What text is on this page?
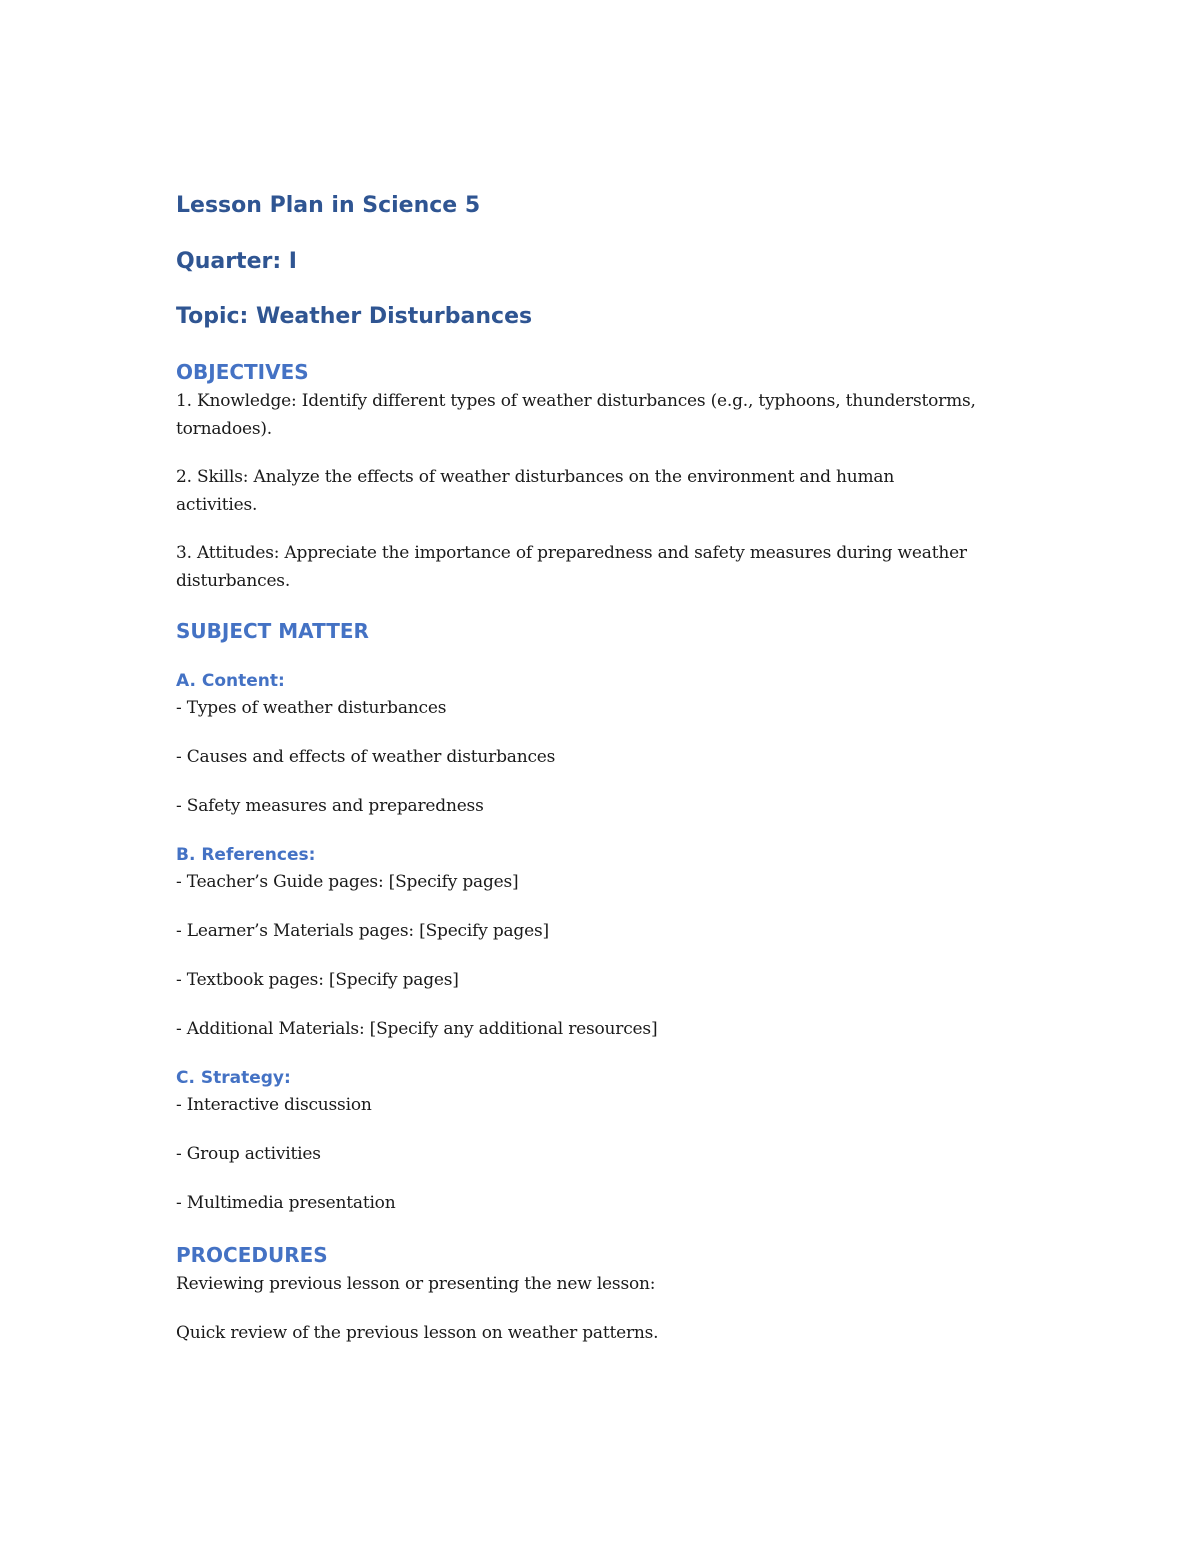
Lesson Plan in Science 5
Quarter: I
Topic: Weather Disturbances
OBJECTIVES
1. Knowledge: Identify different types of weather disturbances (e.g., typhoons, thunderstorms, tornadoes).
2. Skills: Analyze the effects of weather disturbances on the environment and human activities.
3. Attitudes: Appreciate the importance of preparedness and safety measures during weather disturbances.
SUBJECT MATTER
A. Content:
- Types of weather disturbances
- Causes and effects of weather disturbances
- Safety measures and preparedness
B. References:
- Teacher’s Guide pages: [Specify pages]
- Learner’s Materials pages: [Specify pages]
- Textbook pages: [Specify pages]
- Additional Materials: [Specify any additional resources]
C. Strategy:
- Interactive discussion
- Group activities
- Multimedia presentation
PROCEDURES
Reviewing previous lesson or presenting the new lesson:
Quick review of the previous lesson on weather patterns.
